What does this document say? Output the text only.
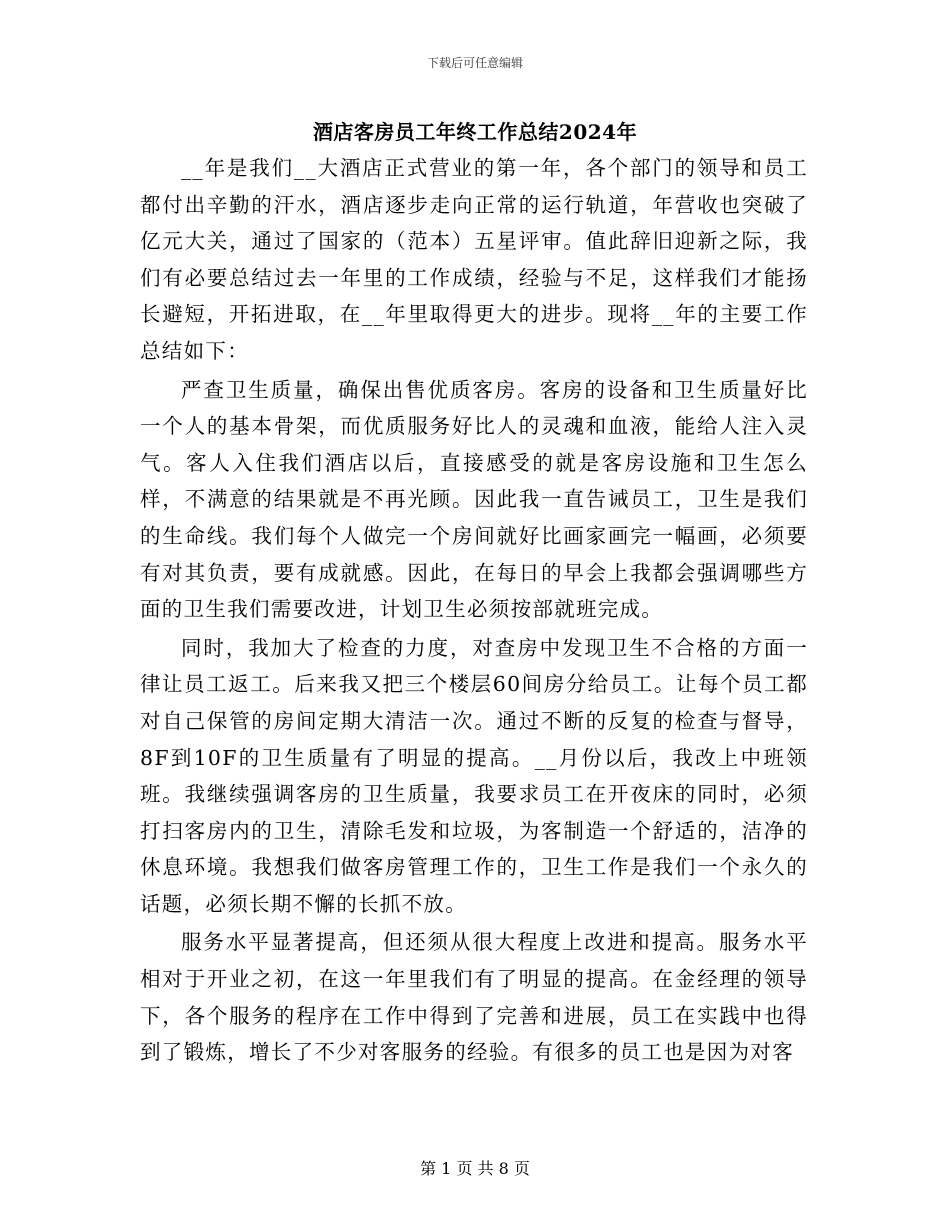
下载后可任意编辑
酒店客房员工年终工作总结2024年

__年是我们__大酒店正式营业的第一年，各个部门的领导和员工都付出辛勤的汗水，酒店逐步走向正常的运行轨道，年营收也突破了亿元大关，通过了国家的（范本）五星评审。值此辞旧迎新之际，我们有必要总结过去一年里的工作成绩，经验与不足，这样我们才能扬长避短，开拓进取，在__年里取得更大的进步。现将__年的主要工作总结如下：

严查卫生质量，确保出售优质客房。客房的设备和卫生质量好比一个人的基本骨架，而优质服务好比人的灵魂和血液，能给人注入灵气。客人入住我们酒店以后，直接感受的就是客房设施和卫生怎么样，不满意的结果就是不再光顾。因此我一直告诫员工，卫生是我们的生命线。我们每个人做完一个房间就好比画家画完一幅画，必须要有对其负责，要有成就感。因此，在每日的早会上我都会强调哪些方面的卫生我们需要改进，计划卫生必须按部就班完成。

同时，我加大了检查的力度，对查房中发现卫生不合格的方面一律让员工返工。后来我又把三个楼层60间房分给员工。让每个员工都对自己保管的房间定期大清洁一次。通过不断的反复的检查与督导，8F到10F的卫生质量有了明显的提高。__月份以后，我改上中班领班。我继续强调客房的卫生质量，我要求员工在开夜床的同时，必须打扫客房内的卫生，清除毛发和垃圾，为客制造一个舒适的，洁净的休息环境。我想我们做客房管理工作的，卫生工作是我们一个永久的话题，必须长期不懈的长抓不放。

服务水平显著提高，但还须从很大程度上改进和提高。服务水平相对于开业之初，在这一年里我们有了明显的提高。在金经理的领导下，各个服务的程序在工作中得到了完善和进展，员工在实践中也得到了锻炼，增长了不少对客服务的经验。有很多的员工也是因为对客

第 1 页 共 8 页
